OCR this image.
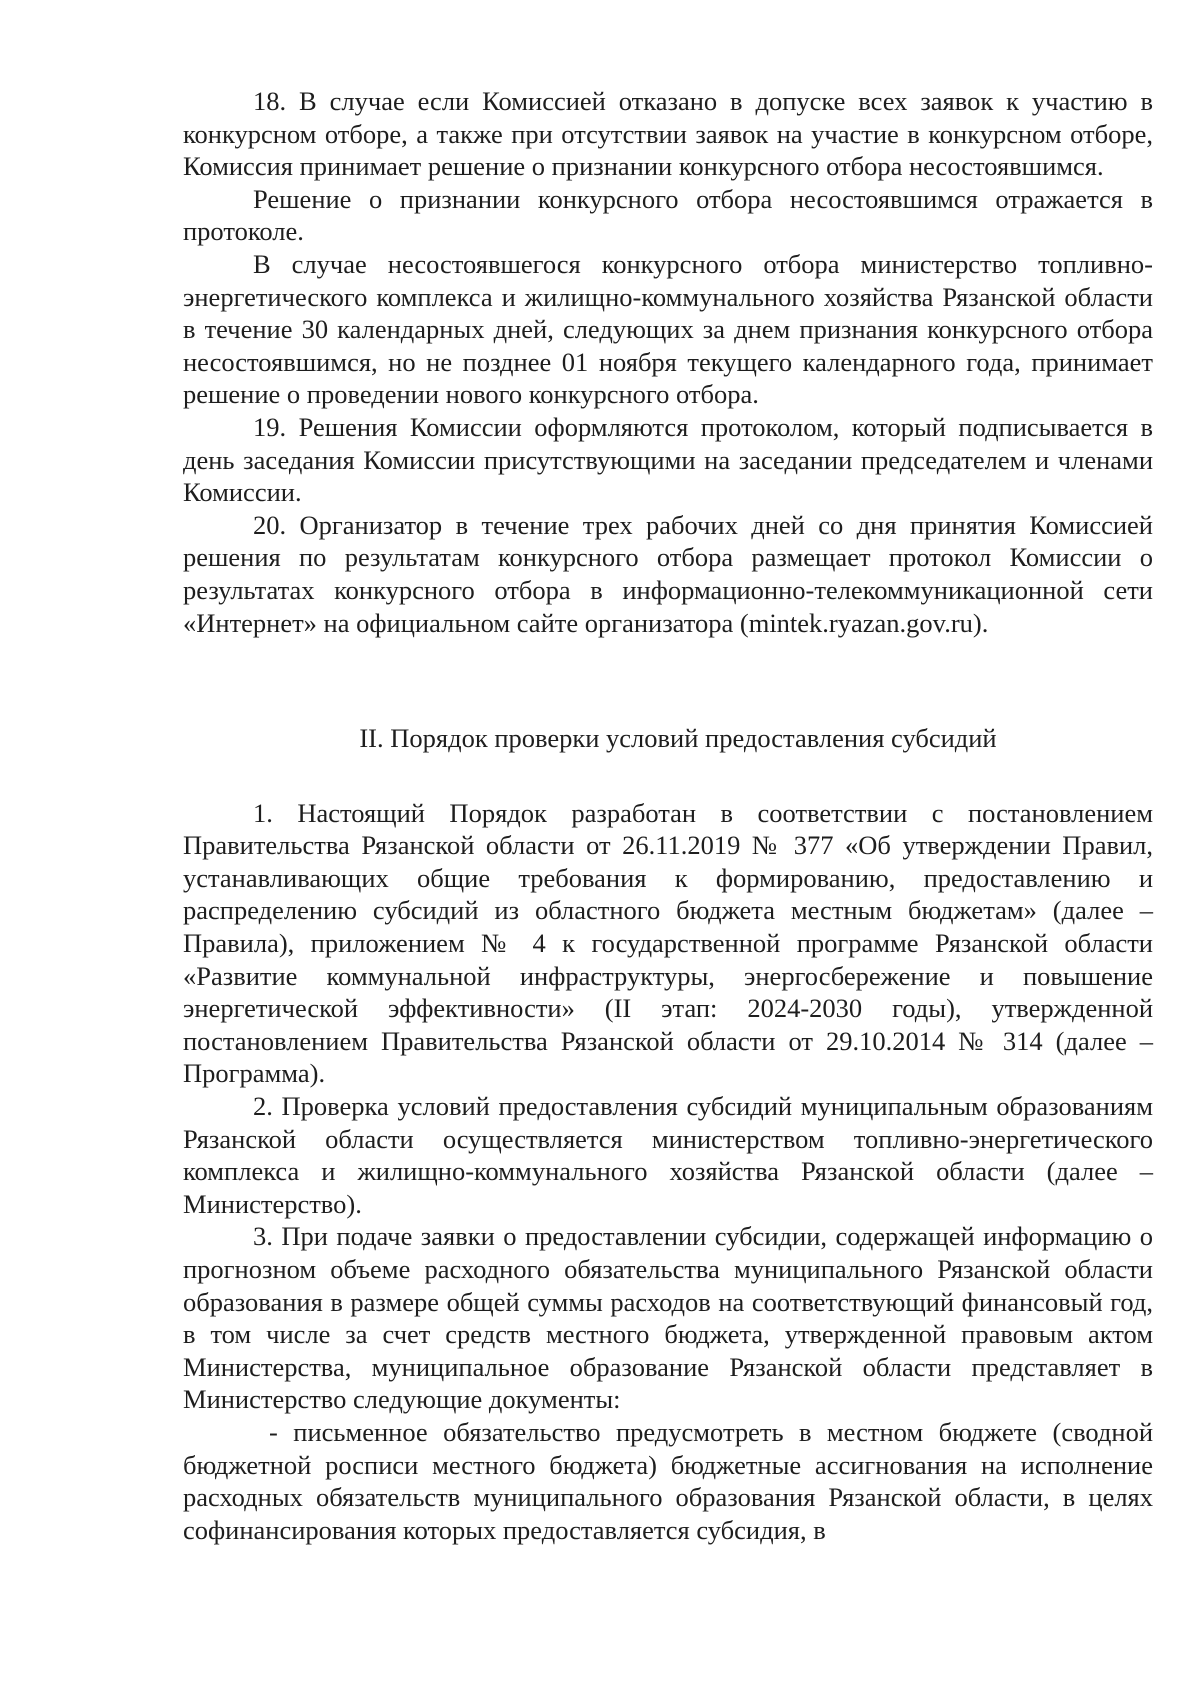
18. В случае если Комиссией отказано в допуске всех заявок к участию в конкурсном отборе, а также при отсутствии заявок на участие в конкурсном отборе, Комиссия принимает решение о признании конкурсного отбора несостоявшимся.

Решение о признании конкурсного отбора несостоявшимся отражается в протоколе.

В случае несостоявшегося конкурсного отбора министерство топливно-энергетического комплекса и жилищно-коммунального хозяйства Рязанской области в течение 30 календарных дней, следующих за днем признания конкурсного отбора несостоявшимся, но не позднее 01 ноября текущего календарного года, принимает решение о проведении нового конкурсного отбора.

19. Решения Комиссии оформляются протоколом, который подписывается в день заседания Комиссии присутствующими на заседании председателем и членами Комиссии.

20. Организатор в течение трех рабочих дней со дня принятия Комиссией решения по результатам конкурсного отбора размещает протокол Комиссии о результатах конкурсного отбора в информационно-телекоммуникационной сети «Интернет» на официальном сайте организатора (mintek.ryazan.gov.ru).

II. Порядок проверки условий предоставления субсидий

1. Настоящий Порядок разработан в соответствии с постановлением Правительства Рязанской области от 26.11.2019 № 377 «Об утверждении Правил, устанавливающих общие требования к формированию, предоставлению и распределению субсидий из областного бюджета местным бюджетам» (далее – Правила), приложением № 4 к государственной программе Рязанской области «Развитие коммунальной инфраструктуры, энергосбережение и повышение энергетической эффективности» (II этап: 2024-2030 годы), утвержденной постановлением Правительства Рязанской области от 29.10.2014 № 314 (далее – Программа).

2. Проверка условий предоставления субсидий муниципальным образованиям Рязанской области осуществляется министерством топливно-энергетического комплекса и жилищно-коммунального хозяйства Рязанской области (далее – Министерство).

3. При подаче заявки о предоставлении субсидии, содержащей информацию о прогнозном объеме расходного обязательства муниципального Рязанской области образования в размере общей суммы расходов на соответствующий финансовый год, в том числе за счет средств местного бюджета, утвержденной правовым актом Министерства, муниципальное образование Рязанской области представляет в Министерство следующие документы:

- письменное обязательство предусмотреть в местном бюджете (сводной бюджетной росписи местного бюджета) бюджетные ассигнования на исполнение расходных обязательств муниципального образования Рязанской области, в целях софинансирования которых предоставляется субсидия, в
